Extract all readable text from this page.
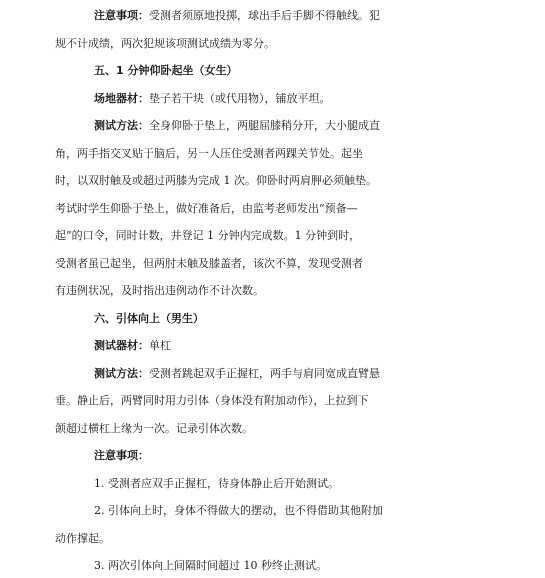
注意事项：受测者须原地投掷，球出手后手脚不得触线。犯
规不计成绩，两次犯规该项测试成绩为零分。
五、1 分钟仰卧起坐（女生）
场地器材：垫子若干块（或代用物），铺放平坦。
测试方法：全身仰卧于垫上，两腿屈膝稍分开，大小腿成直
角，两手指交叉贴于脑后，另一人压住受测者两踝关节处。起坐
时，以双肘触及或超过两膝为完成 1 次。仰卧时两肩胛必须触垫。
考试时学生仰卧于垫上，做好准备后，由监考老师发出“预备—
起”的口令，同时计数，并登记 1 分钟内完成数。1 分钟到时，
受测者虽已起坐，但两肘未触及膝盖者，该次不算，发现受测者
有违例状况，及时指出违例动作不计次数。
六、引体向上（男生）
测试器材：单杠
测试方法：受测者跳起双手正握杠，两手与肩同宽成直臂悬
垂。静止后，两臂同时用力引体（身体没有附加动作），上拉到下
颌超过横杠上缘为一次。记录引体次数。
注意事项：
1. 受测者应双手正握杠，待身体静止后开始测试。
2. 引体向上时，身体不得做大的摆动，也不得借助其他附加
动作撑起。
3. 两次引体向上间隔时间超过 10 秒终止测试。
